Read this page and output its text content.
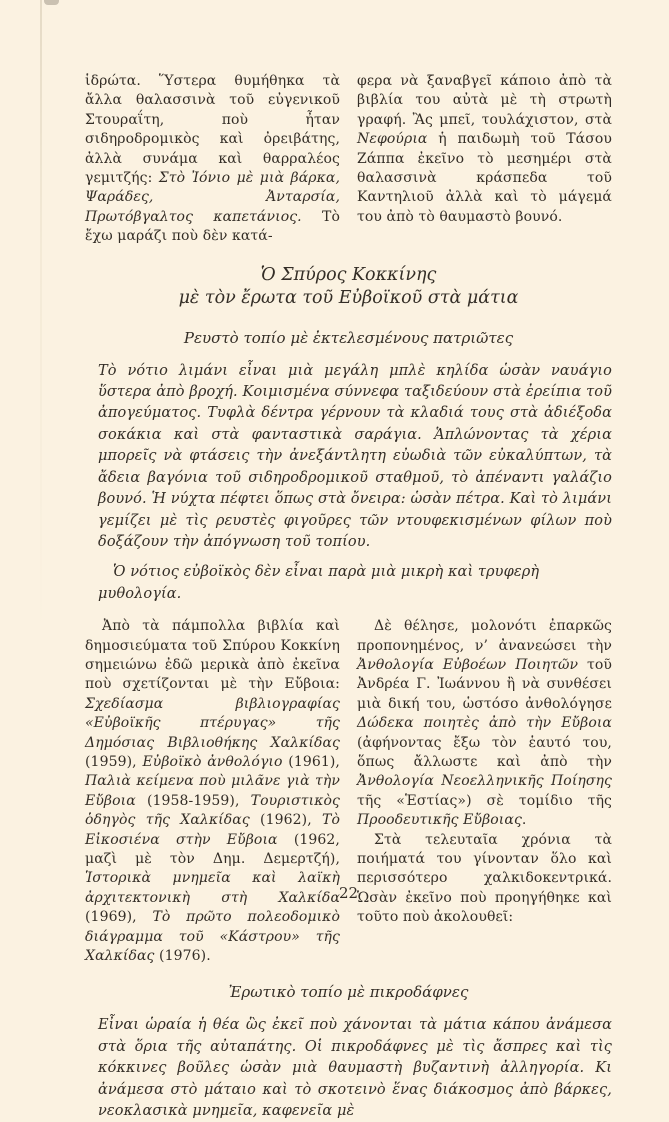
ἱδρώτα. Ὕστερα θυμήθηκα τὰ ἄλλα θαλασσινὰ τοῦ εὐγενικοῦ Στουραΐτη, ποὺ ἦταν σιδηροδρομικὸς καὶ ὀρειβάτης, ἀλλὰ συνάμα καὶ θαρραλέος γεμιτζής: Στὸ Ἰόνιο μὲ μιὰ βάρκα, Ψαράδες, Ἀνταρσία, Πρωτόβγαλτος καπετάνιος. Τὸ ἔχω μαράζι ποὺ δὲν κατά-

φερα νὰ ξαναβγεῖ κάποιο ἀπὸ τὰ βιβλία του αὐτὰ μὲ τὴ στρωτὴ γραφή. Ἂς μπεῖ, τουλάχιστον, στὰ Νεφούρια ἡ παιδωμὴ τοῦ Τάσου Ζάππα ἐκεῖνο τὸ μεσημέρι στὰ θαλασσινὰ κράσπεδα τοῦ Καντηλιοῦ ἀλλὰ καὶ τὸ μάγεμά του ἀπὸ τὸ θαυμαστὸ βουνό.

Ὁ Σπύρος Κοκκίνης
μὲ τὸν ἔρωτα τοῦ Εὐβοϊκοῦ στὰ μάτια
Ρευστὸ τοπίο μὲ ἐκτελεσμένους πατριῶτες

Τὸ νότιο λιμάνι εἶναι μιὰ μεγάλη μπλὲ κηλίδα ὡσὰν ναυάγιο ὕστερα ἀπὸ βροχή. Κοιμισμένα σύννεφα ταξιδεύουν στὰ ἐρείπια τοῦ ἀπογεύματος. Τυφλὰ δέντρα γέρνουν τὰ κλαδιά τους στὰ ἀδιέξοδα σοκάκια καὶ στὰ φανταστικὰ σαράγια. Ἁπλώνοντας τὰ χέρια μπορεῖς νὰ φτάσεις τὴν ἀνεξάντλητη εὐωδιὰ τῶν εὐκαλύπτων, τὰ ἄδεια βαγόνια τοῦ σιδηροδρομικοῦ σταθμοῦ, τὸ ἀπέναντι γαλάζιο βουνό. Ἡ νύχτα πέφτει ὅπως στὰ ὄνειρα: ὡσὰν πέτρα. Καὶ τὸ λιμάνι γεμίζει μὲ τὶς ρευστὲς φιγοῦρες τῶν ντουφεκισμένων φίλων ποὺ δοξάζουν τὴν ἀπόγνωση τοῦ τοπίου.

Ὁ νότιος εὐβοϊκὸς δὲν εἶναι παρὰ μιὰ μικρὴ καὶ τρυφερὴ μυθολογία.

Ἀπὸ τὰ πάμπολλα βιβλία καὶ δημοσιεύματα τοῦ Σπύρου Κοκκίνη σημειώνω ἐδῶ μερικὰ ἀπὸ ἐκεῖνα ποὺ σχετίζονται μὲ τὴν Εὔβοια: Σχεδίασμα βιβλιογραφίας «Εὐβοϊκῆς πτέρυγας» τῆς Δημόσιας Βιβλιοθήκης Χαλκίδας (1959), Εὐβοϊκὸ ἀνθολόγιο (1961), Παλιὰ κείμενα ποὺ μιλᾶνε γιὰ τὴν Εὔβοια (1958-1959), Τουριστικὸς ὁδηγὸς τῆς Χαλκίδας (1962), Τὸ Εἰκοσιένα στὴν Εὔβοια (1962, μαζὶ μὲ τὸν Δημ. Δεμερτζή), Ἱστορικὰ μνημεῖα καὶ λαϊκὴ ἀρχιτεκτονικὴ στὴ Χαλκίδα (1969), Τὸ πρῶτο πολεοδομικὸ διάγραμμα τοῦ «Κάστρου» τῆς Χαλκίδας (1976).

Δὲ θέλησε, μολονότι ἐπαρκῶς προπονημένος, ν’ ἀνανεώσει τὴν Ἀνθολογία Εὐβοέων Ποιητῶν τοῦ Ἀνδρέα Γ. Ἰωάννου ἢ νὰ συνθέσει μιὰ δική του, ὡστόσο ἀνθολόγησε Δώδεκα ποιητὲς ἀπὸ τὴν Εὔβοια (ἀφήνοντας ἔξω τὸν ἑαυτό του, ὅπως ἄλλωστε καὶ ἀπὸ τὴν Ἀνθολογία Νεοελληνικῆς Ποίησης τῆς «Ἑστίας») σὲ τομίδιο τῆς Προοδευτικῆς Εὔβοιας.

Στὰ τελευταῖα χρόνια τὰ ποιήματά του γίνονταν ὅλο καὶ περισσότερο χαλκιδοκεντρικά. Ὡσὰν ἐκεῖνο ποὺ προηγήθηκε καὶ τοῦτο ποὺ ἀκολουθεῖ:

Ἐρωτικὸ τοπίο μὲ πικροδάφνες

Εἶναι ὡραία ἡ θέα ὣς ἐκεῖ ποὺ χάνονται τὰ μάτια κάπου ἀνάμεσα στὰ ὅρια τῆς αὐταπάτης. Οἱ πικροδάφνες μὲ τὶς ἄσπρες καὶ τὶς κόκκινες βοῦλες ὡσὰν μιὰ θαυμαστὴ βυζαντινὴ ἀλληγορία. Κι ἀνάμεσα στὸ μάταιο καὶ τὸ σκοτεινὸ ἕνας διάκοσμος ἀπὸ βάρκες, νεοκλασικὰ μνημεῖα, καφενεῖα μὲ

22
